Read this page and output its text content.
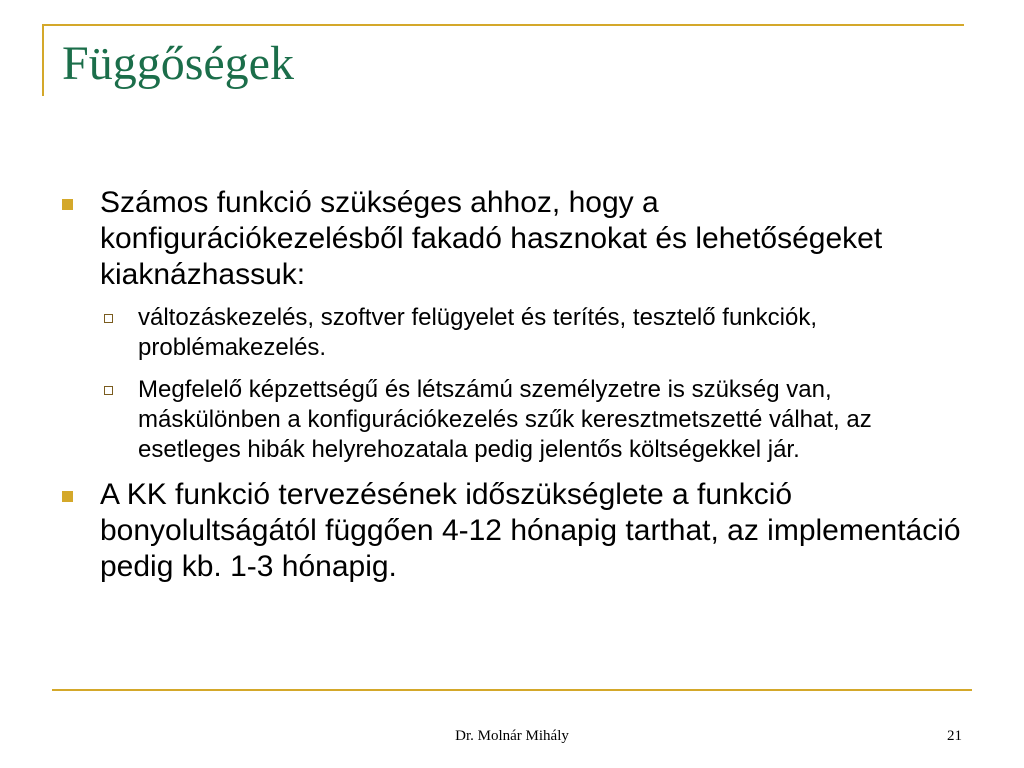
Függőségek
Számos funkció szükséges ahhoz, hogy a konfigurációkezelésből fakadó hasznokat és lehetőségeket kiaknázhassuk:
változáskezelés, szoftver felügyelet és terítés, tesztelő funkciók, problémakezelés.
Megfelelő képzettségű és létszámú személyzetre is szükség van, máskülönben a konfigurációkezelés szűk keresztmetszetté válhat, az esetleges hibák helyrehozatala pedig jelentős költségekkel jár.
A KK funkció tervezésének időszükséglete a funkció bonyolultságától függően 4-12 hónapig tarthat, az implementáció pedig kb. 1-3 hónapig.
Dr. Molnár Mihály	21
